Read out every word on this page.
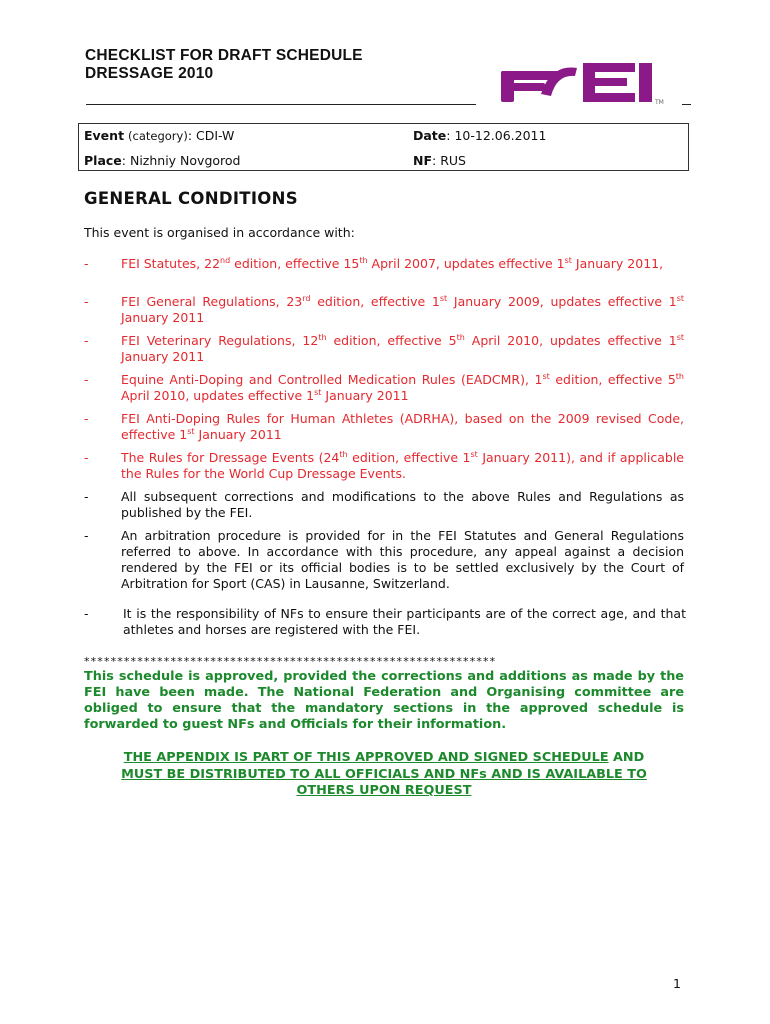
CHECKLIST FOR DRAFT SCHEDULE
DRESSAGE 2010
TM
Event (category): CDI-W	Date: 10-12.06.2011
Place: Nizhniy Novgorod	NF: RUS
GENERAL CONDITIONS
This event is organised in accordance with:
-	FEI Statutes, 22nd edition, effective 15th April 2007, updates effective 1st January 2011,
-	FEI General Regulations, 23rd edition, effective 1st January 2009, updates effective 1st January 2011
-	FEI Veterinary Regulations, 12th edition, effective 5th April 2010, updates effective 1st January 2011
-	Equine Anti-Doping and Controlled Medication Rules (EADCMR), 1st edition, effective 5th April 2010, updates effective 1st January 2011
-	FEI Anti-Doping Rules for Human Athletes (ADRHA), based on the 2009 revised Code, effective 1st January 2011
-	The Rules for Dressage Events (24th edition, effective 1st January 2011), and if applicable the Rules for the World Cup Dressage Events.
-	All subsequent corrections and modifications to the above Rules and Regulations as published by the FEI.
-	An arbitration procedure is provided for in the FEI Statutes and General Regulations referred to above. In accordance with this procedure, any appeal against a decision rendered by the FEI or its official bodies is to be settled exclusively by the Court of Arbitration for Sport (CAS) in Lausanne, Switzerland.
-	It is the responsibility of NFs to ensure their participants are of the correct age, and that athletes and horses are registered with the FEI.
**************************************************************
This schedule is approved, provided the corrections and additions as made by the FEI have been made. The National Federation and Organising committee are obliged to ensure that the mandatory sections in the approved schedule is forwarded to guest NFs and Officials for their information.
THE APPENDIX IS PART OF THIS APPROVED AND SIGNED SCHEDULE AND
MUST BE DISTRIBUTED TO ALL OFFICIALS AND NFs AND IS AVAILABLE TO
OTHERS UPON REQUEST
1
